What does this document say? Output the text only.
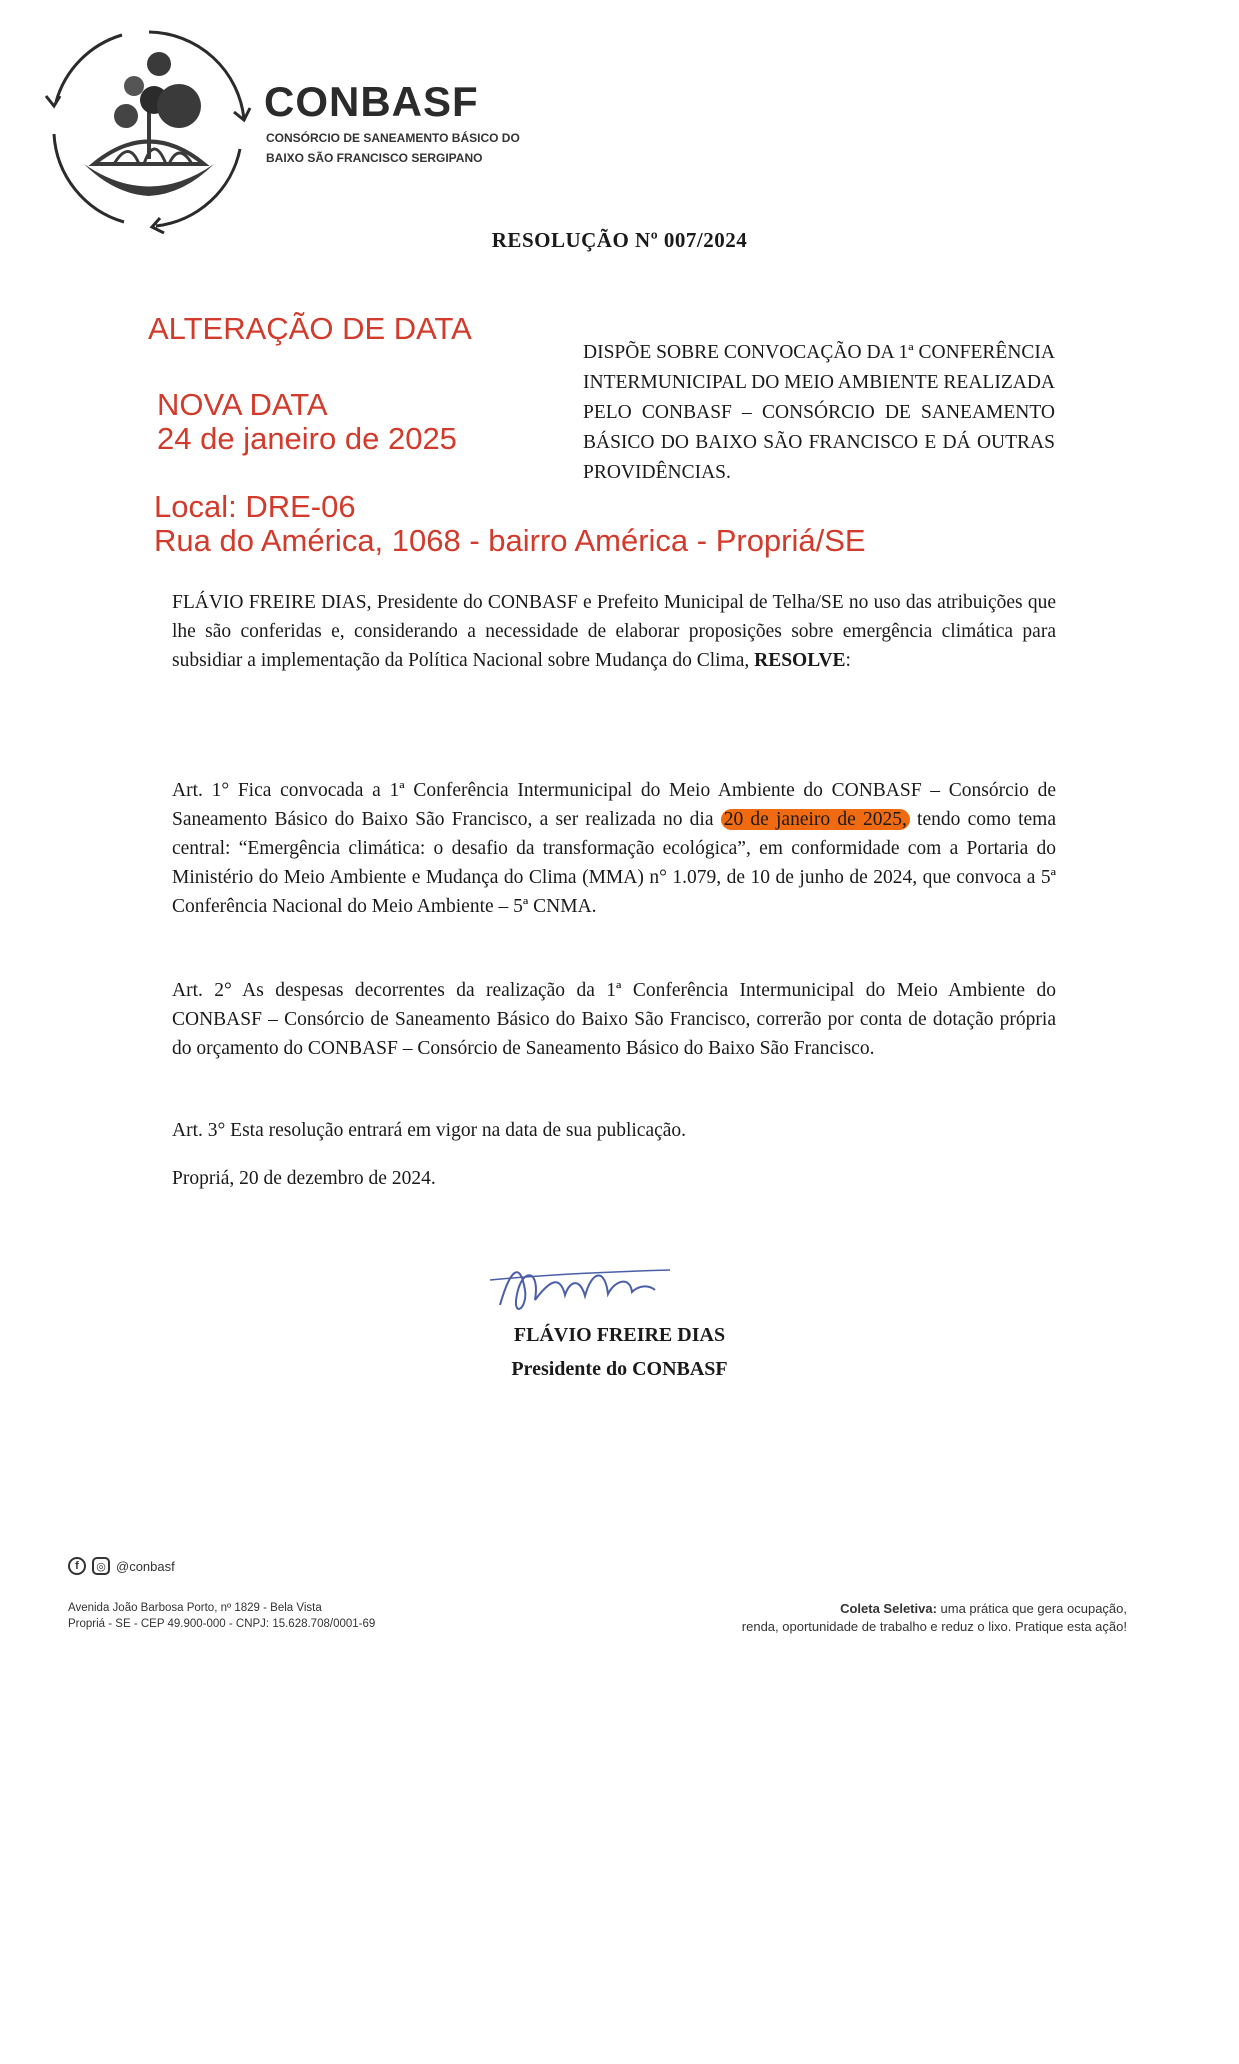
CONBASF
CONSÓRCIO DE SANEAMENTO BÁSICO DO
BAIXO SÃO FRANCISCO SERGIPANO
RESOLUÇÃO Nº 007/2024
ALTERAÇÃO DE DATA
NOVA DATA
24 de janeiro de 2025
Local: DRE-06
Rua do América, 1068 - bairro América - Propriá/SE
DISPÕE SOBRE CONVOCAÇÃO DA 1ª CONFERÊNCIA INTERMUNICIPAL DO MEIO AMBIENTE REALIZADA PELO CONBASF – CONSÓRCIO DE SANEAMENTO BÁSICO DO BAIXO SÃO FRANCISCO E DÁ OUTRAS PROVIDÊNCIAS.
FLÁVIO FREIRE DIAS, Presidente do CONBASF e Prefeito Municipal de Telha/SE no uso das atribuições que lhe são conferidas e, considerando a necessidade de elaborar proposições sobre emergência climática para subsidiar a implementação da Política Nacional sobre Mudança do Clima, RESOLVE:
Art. 1° Fica convocada a 1ª Conferência Intermunicipal do Meio Ambiente do CONBASF – Consórcio de Saneamento Básico do Baixo São Francisco, a ser realizada no dia 20 de janeiro de 2025, tendo como tema central: “Emergência climática: o desafio da transformação ecológica”, em conformidade com a Portaria do Ministério do Meio Ambiente e Mudança do Clima (MMA) n° 1.079, de 10 de junho de 2024, que convoca a 5ª Conferência Nacional do Meio Ambiente – 5ª CNMA.
Art. 2° As despesas decorrentes da realização da 1ª Conferência Intermunicipal do Meio Ambiente do CONBASF – Consórcio de Saneamento Básico do Baixo São Francisco, correrão por conta de dotação própria do orçamento do CONBASF – Consórcio de Saneamento Básico do Baixo São Francisco.
Art. 3° Esta resolução entrará em vigor na data de sua publicação.
Propriá, 20 de dezembro de 2024.
FLÁVIO FREIRE DIAS
Presidente do CONBASF
f	◎ @conbasf
Avenida João Barbosa Porto, nº 1829 - Bela Vista
Propriá - SE - CEP 49.900-000 - CNPJ: 15.628.708/0001-69
Coleta Seletiva: uma prática que gera ocupação,
renda, oportunidade de trabalho e reduz o lixo. Pratique esta ação!
